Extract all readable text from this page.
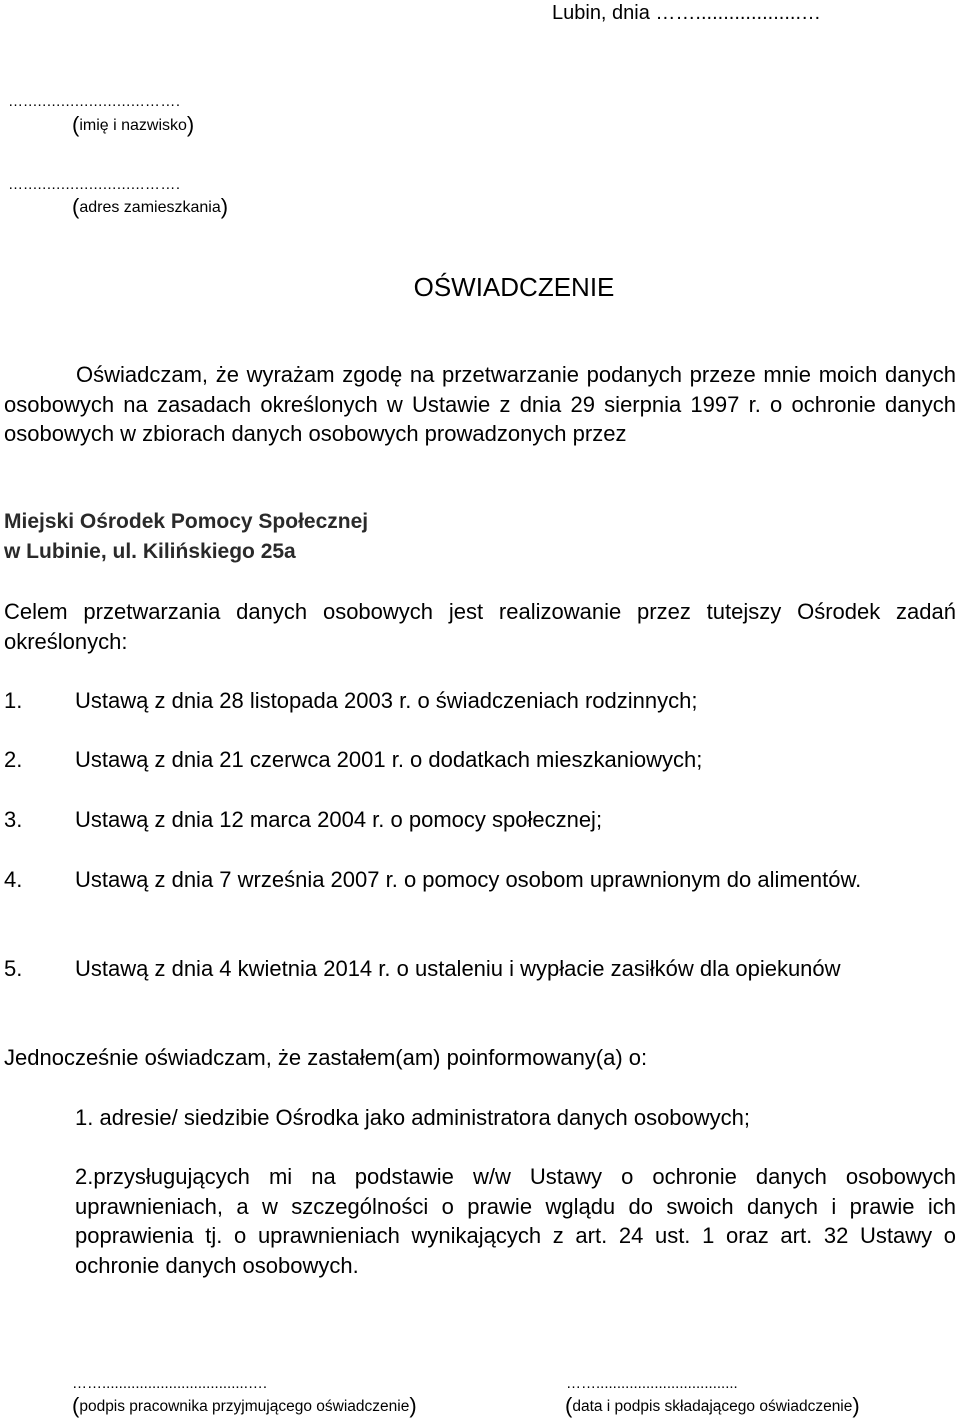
Lubin, dnia ……...................…
…..........................…….
(imię i nazwisko)
…..........................…….
(adres zamieszkania)
OŚWIADCZENIE
Oświadczam, że wyrażam zgodę na przetwarzanie podanych przeze mnie moich danych osobowych na zasadach określonych w Ustawie z dnia 29 sierpnia 1997 r. o ochronie danych osobowych w zbiorach danych osobowych prowadzonych przez
Miejski Ośrodek Pomocy Społecznej
w Lubinie, ul. Kilińskiego 25a
Celem przetwarzania danych osobowych jest realizowanie przez tutejszy Ośrodek zadań określonych:
1. Ustawą z dnia 28 listopada 2003 r. o świadczeniach rodzinnych;
2. Ustawą z dnia 21 czerwca 2001 r. o dodatkach mieszkaniowych;
3. Ustawą z dnia 12 marca 2004 r. o pomocy społecznej;
4. Ustawą z dnia 7 września 2007 r. o pomocy osobom uprawnionym do alimentów.
5. Ustawą z dnia 4 kwietnia 2014 r. o ustaleniu i wypłacie zasiłków dla opiekunów
Jednocześnie oświadczam, że zastałem(am) poinformowany(a) o:
1. adresie/ siedzibie Ośrodka jako administratora danych osobowych;
2.przysługujących mi na podstawie w/w Ustawy o ochronie danych osobowych uprawnieniach, a w szczególności o prawie wglądu do swoich danych i prawie ich poprawienia tj. o uprawnieniach wynikających z art. 24 ust. 1 oraz art. 32 Ustawy o ochronie danych osobowych.
……...................................….
(podpis pracownika przyjmującego oświadczenie)
……..................................
(data i podpis składającego oświadczenie)
